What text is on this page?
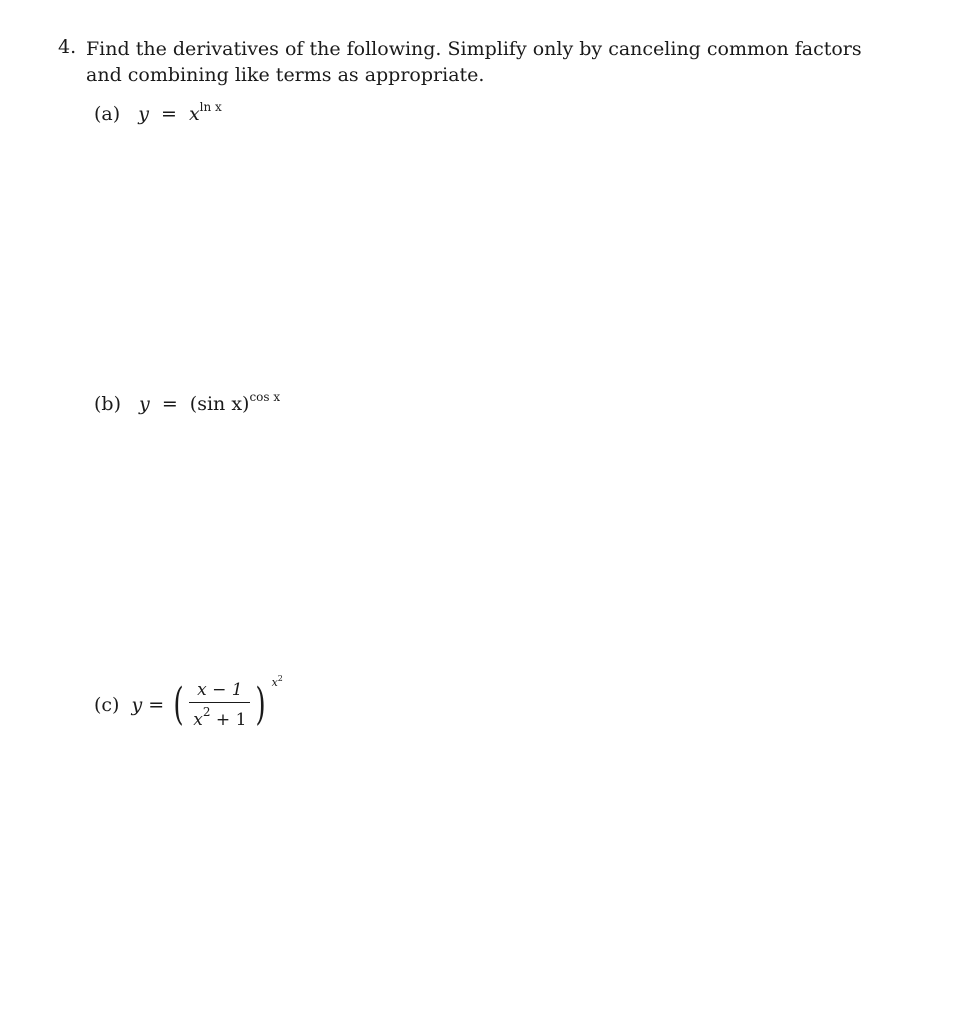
4. Find the derivatives of the following. Simplify only by canceling common factors and combining like terms as appropriate.
(a) $y = x^{ln x}$
(b) y = (sin x)$^{cos x}$
(c) y = ( $\frac{x - 1}{x^2 + 1}$ ) $x^2$
